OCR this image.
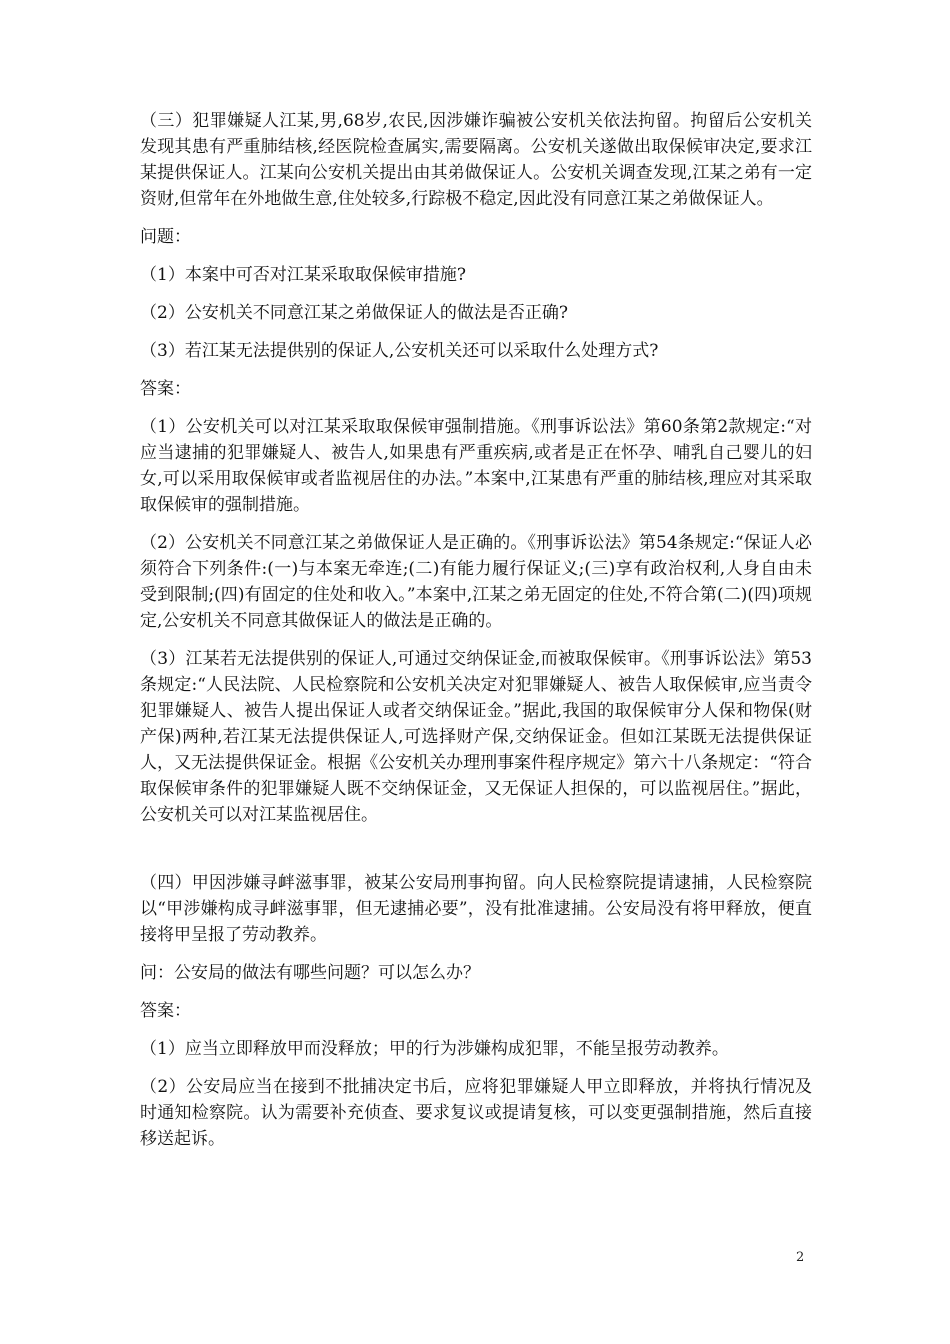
（三）犯罪嫌疑人江某,男,68岁,农民,因涉嫌诈骗被公安机关依法拘留。拘留后公安机关发现其患有严重肺结核,经医院检查属实,需要隔离。公安机关遂做出取保候审决定,要求江某提供保证人。江某向公安机关提出由其弟做保证人。公安机关调查发现,江某之弟有一定资财,但常年在外地做生意,住处较多,行踪极不稳定,因此没有同意江某之弟做保证人。

问题：

（1）本案中可否对江某采取取保候审措施?

（2）公安机关不同意江某之弟做保证人的做法是否正确?

（3）若江某无法提供别的保证人,公安机关还可以采取什么处理方式?

答案：

（1）公安机关可以对江某采取取保候审强制措施。《刑事诉讼法》第60条第2款规定:“对应当逮捕的犯罪嫌疑人、被告人,如果患有严重疾病,或者是正在怀孕、哺乳自己婴儿的妇女,可以采用取保候审或者监视居住的办法。”本案中,江某患有严重的肺结核,理应对其采取取保候审的强制措施。

（2）公安机关不同意江某之弟做保证人是正确的。《刑事诉讼法》第54条规定:“保证人必须符合下列条件:(一)与本案无牵连;(二)有能力履行保证义;(三)享有政治权利,人身自由未受到限制;(四)有固定的住处和收入。”本案中,江某之弟无固定的住处,不符合第(二)(四)项规定,公安机关不同意其做保证人的做法是正确的。

（3）江某若无法提供别的保证人,可通过交纳保证金,而被取保候审。《刑事诉讼法》第53条规定:“人民法院、人民检察院和公安机关决定对犯罪嫌疑人、被告人取保候审,应当责令犯罪嫌疑人、被告人提出保证人或者交纳保证金。”据此,我国的取保候审分人保和物保(财产保)两种,若江某无法提供保证人,可选择财产保,交纳保证金。但如江某既无法提供保证人，又无法提供保证金。根据《公安机关办理刑事案件程序规定》第六十八条规定：“符合取保候审条件的犯罪嫌疑人既不交纳保证金，又无保证人担保的，可以监视居住。”据此，公安机关可以对江某监视居住。

（四）甲因涉嫌寻衅滋事罪，被某公安局刑事拘留。向人民检察院提请逮捕，人民检察院以“甲涉嫌构成寻衅滋事罪，但无逮捕必要”，没有批准逮捕。公安局没有将甲释放，便直接将甲呈报了劳动教养。

问：公安局的做法有哪些问题？可以怎么办？

答案：

（1）应当立即释放甲而没释放；甲的行为涉嫌构成犯罪，不能呈报劳动教养。

（2）公安局应当在接到不批捕决定书后，应将犯罪嫌疑人甲立即释放，并将执行情况及时通知检察院。认为需要补充侦查、要求复议或提请复核，可以变更强制措施，然后直接移送起诉。

2
